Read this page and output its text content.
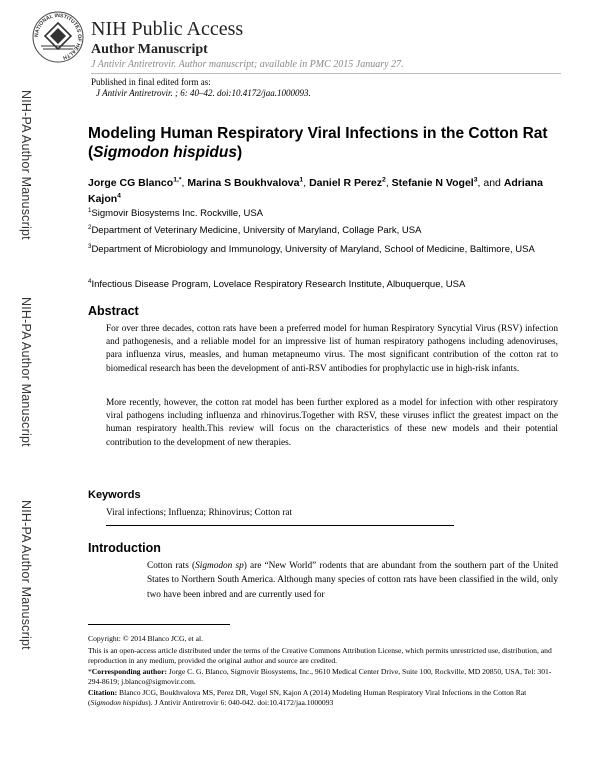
NATIONAL INSTITUTES OF HEALTH
NIH Public Access
Author Manuscript
J Antivir Antiretrovir. Author manuscript; available in PMC 2015 January 27.
Published in final edited form as:
J Antivir Antiretrovir. ; 6: 40–42. doi:10.4172/jaa.1000093.
NIH-PA Author Manuscript
NIH-PA Author Manuscript
NIH-PA Author Manuscript
Modeling Human Respiratory Viral Infections in the Cotton Rat
(Sigmodon hispidus)
Jorge CG Blanco$^{1,*}$, Marina S Boukhvalova$^1$, Daniel R Perez$^2$, Stefanie N Vogel$^3$, and Adriana Kajon$^4$
$^1$Sigmovir Biosystems Inc. Rockville, USA
$^2$Department of Veterinary Medicine, University of Maryland, Collage Park, USA
$^3$Department of Microbiology and Immunology, University of Maryland, School of Medicine, Baltimore, USA
$^4$Infectious Disease Program, Lovelace Respiratory Research Institute, Albuquerque, USA
Abstract
For over three decades, cotton rats have been a preferred model for human Respiratory Syncytial Virus (RSV) infection and pathogenesis, and a reliable model for an impressive list of human respiratory pathogens including adenoviruses, para influenza virus, measles, and human metapneumo virus. The most significant contribution of the cotton rat to biomedical research has been the development of anti-RSV antibodies for prophylactic use in high-risk infants.
More recently, however, the cotton rat model has been further explored as a model for infection with other respiratory viral pathogens including influenza and rhinovirus.Together with RSV, these viruses inflict the greatest impact on the human respiratory health.This review will focus on the characteristics of these new models and their potential contribution to the development of new therapies.
Keywords
Viral infections; Influenza; Rhinovirus; Cotton rat
Introduction
Cotton rats (Sigmodon sp) are “New World” rodents that are abundant from the southern part of the United States to Northern South America. Although many species of cotton rats have been classified in the wild, only two have been inbred and are currently used for
Copyright: © 2014 Blanco JCG, et al.
This is an open-access article distributed under the terms of the Creative Commons Attribution License, which permits unrestricted use, distribution, and reproduction in any medium, provided the original author and source are credited.
*Corresponding author: Jorge C. G. Blanco, Sigmovir Biosystems, Inc., 9610 Medical Center Drive, Suite 100, Rockville, MD 20850, USA, Tel: 301-294-8619; j.blanco@sigmovir.com.
Citation: Blanco JCG, Boukhvalova MS, Perez DR, Vogel SN, Kajon A (2014) Modeling Human Respiratory Viral Infections in the Cotton Rat (Sigmodon hispidus). J Antivir Antiretrovir 6: 040-042. doi:10.4172/jaa.1000093
